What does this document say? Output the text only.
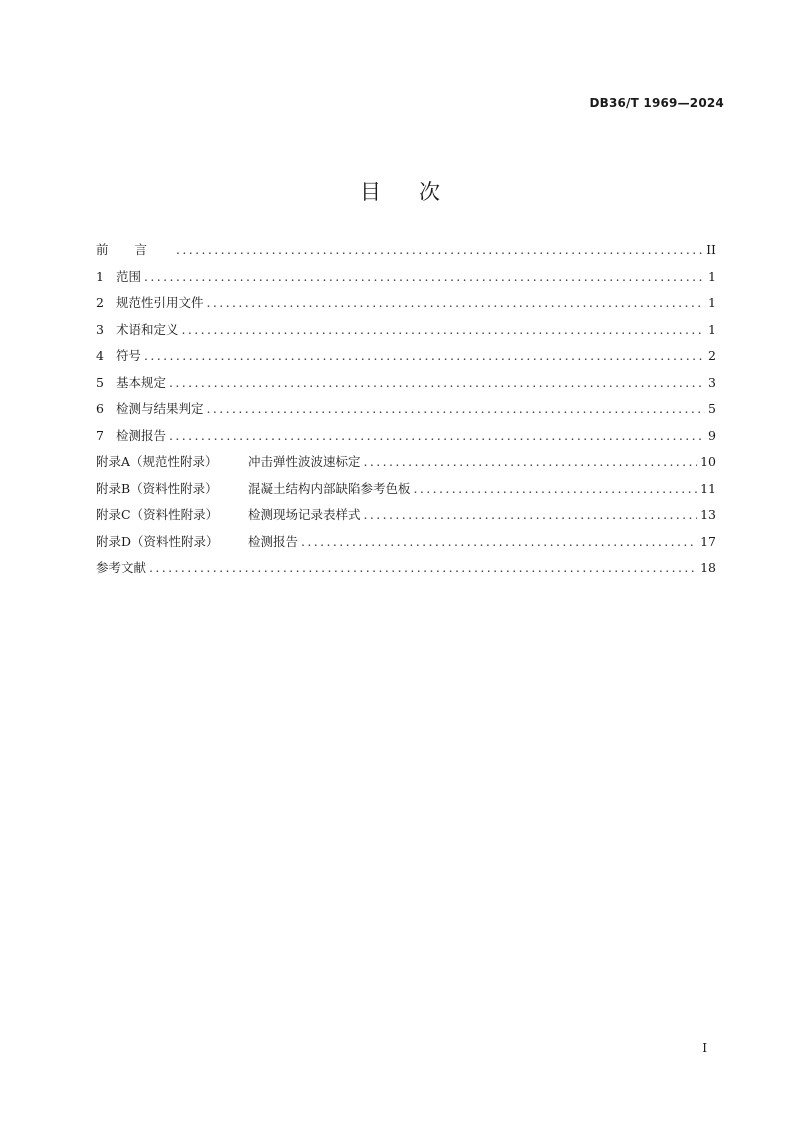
DB36/T 1969—2024
目次
前言 .....	II
1 范围 .....	1
2 规范性引用文件 .....	1
3 术语和定义 .....	1
4 符号 .....	2
5 基本规定 .....	3
6 检测与结果判定 .....	5
7 检测报告 .....	9
附录A（规范性附录） 冲击弹性波波速标定 .....	10
附录B（资料性附录） 混凝土结构内部缺陷参考色板 .....	11
附录C（资料性附录） 检测现场记录表样式 .....	13
附录D（资料性附录） 检测报告 .....	17
参考文献 .....	18
I
